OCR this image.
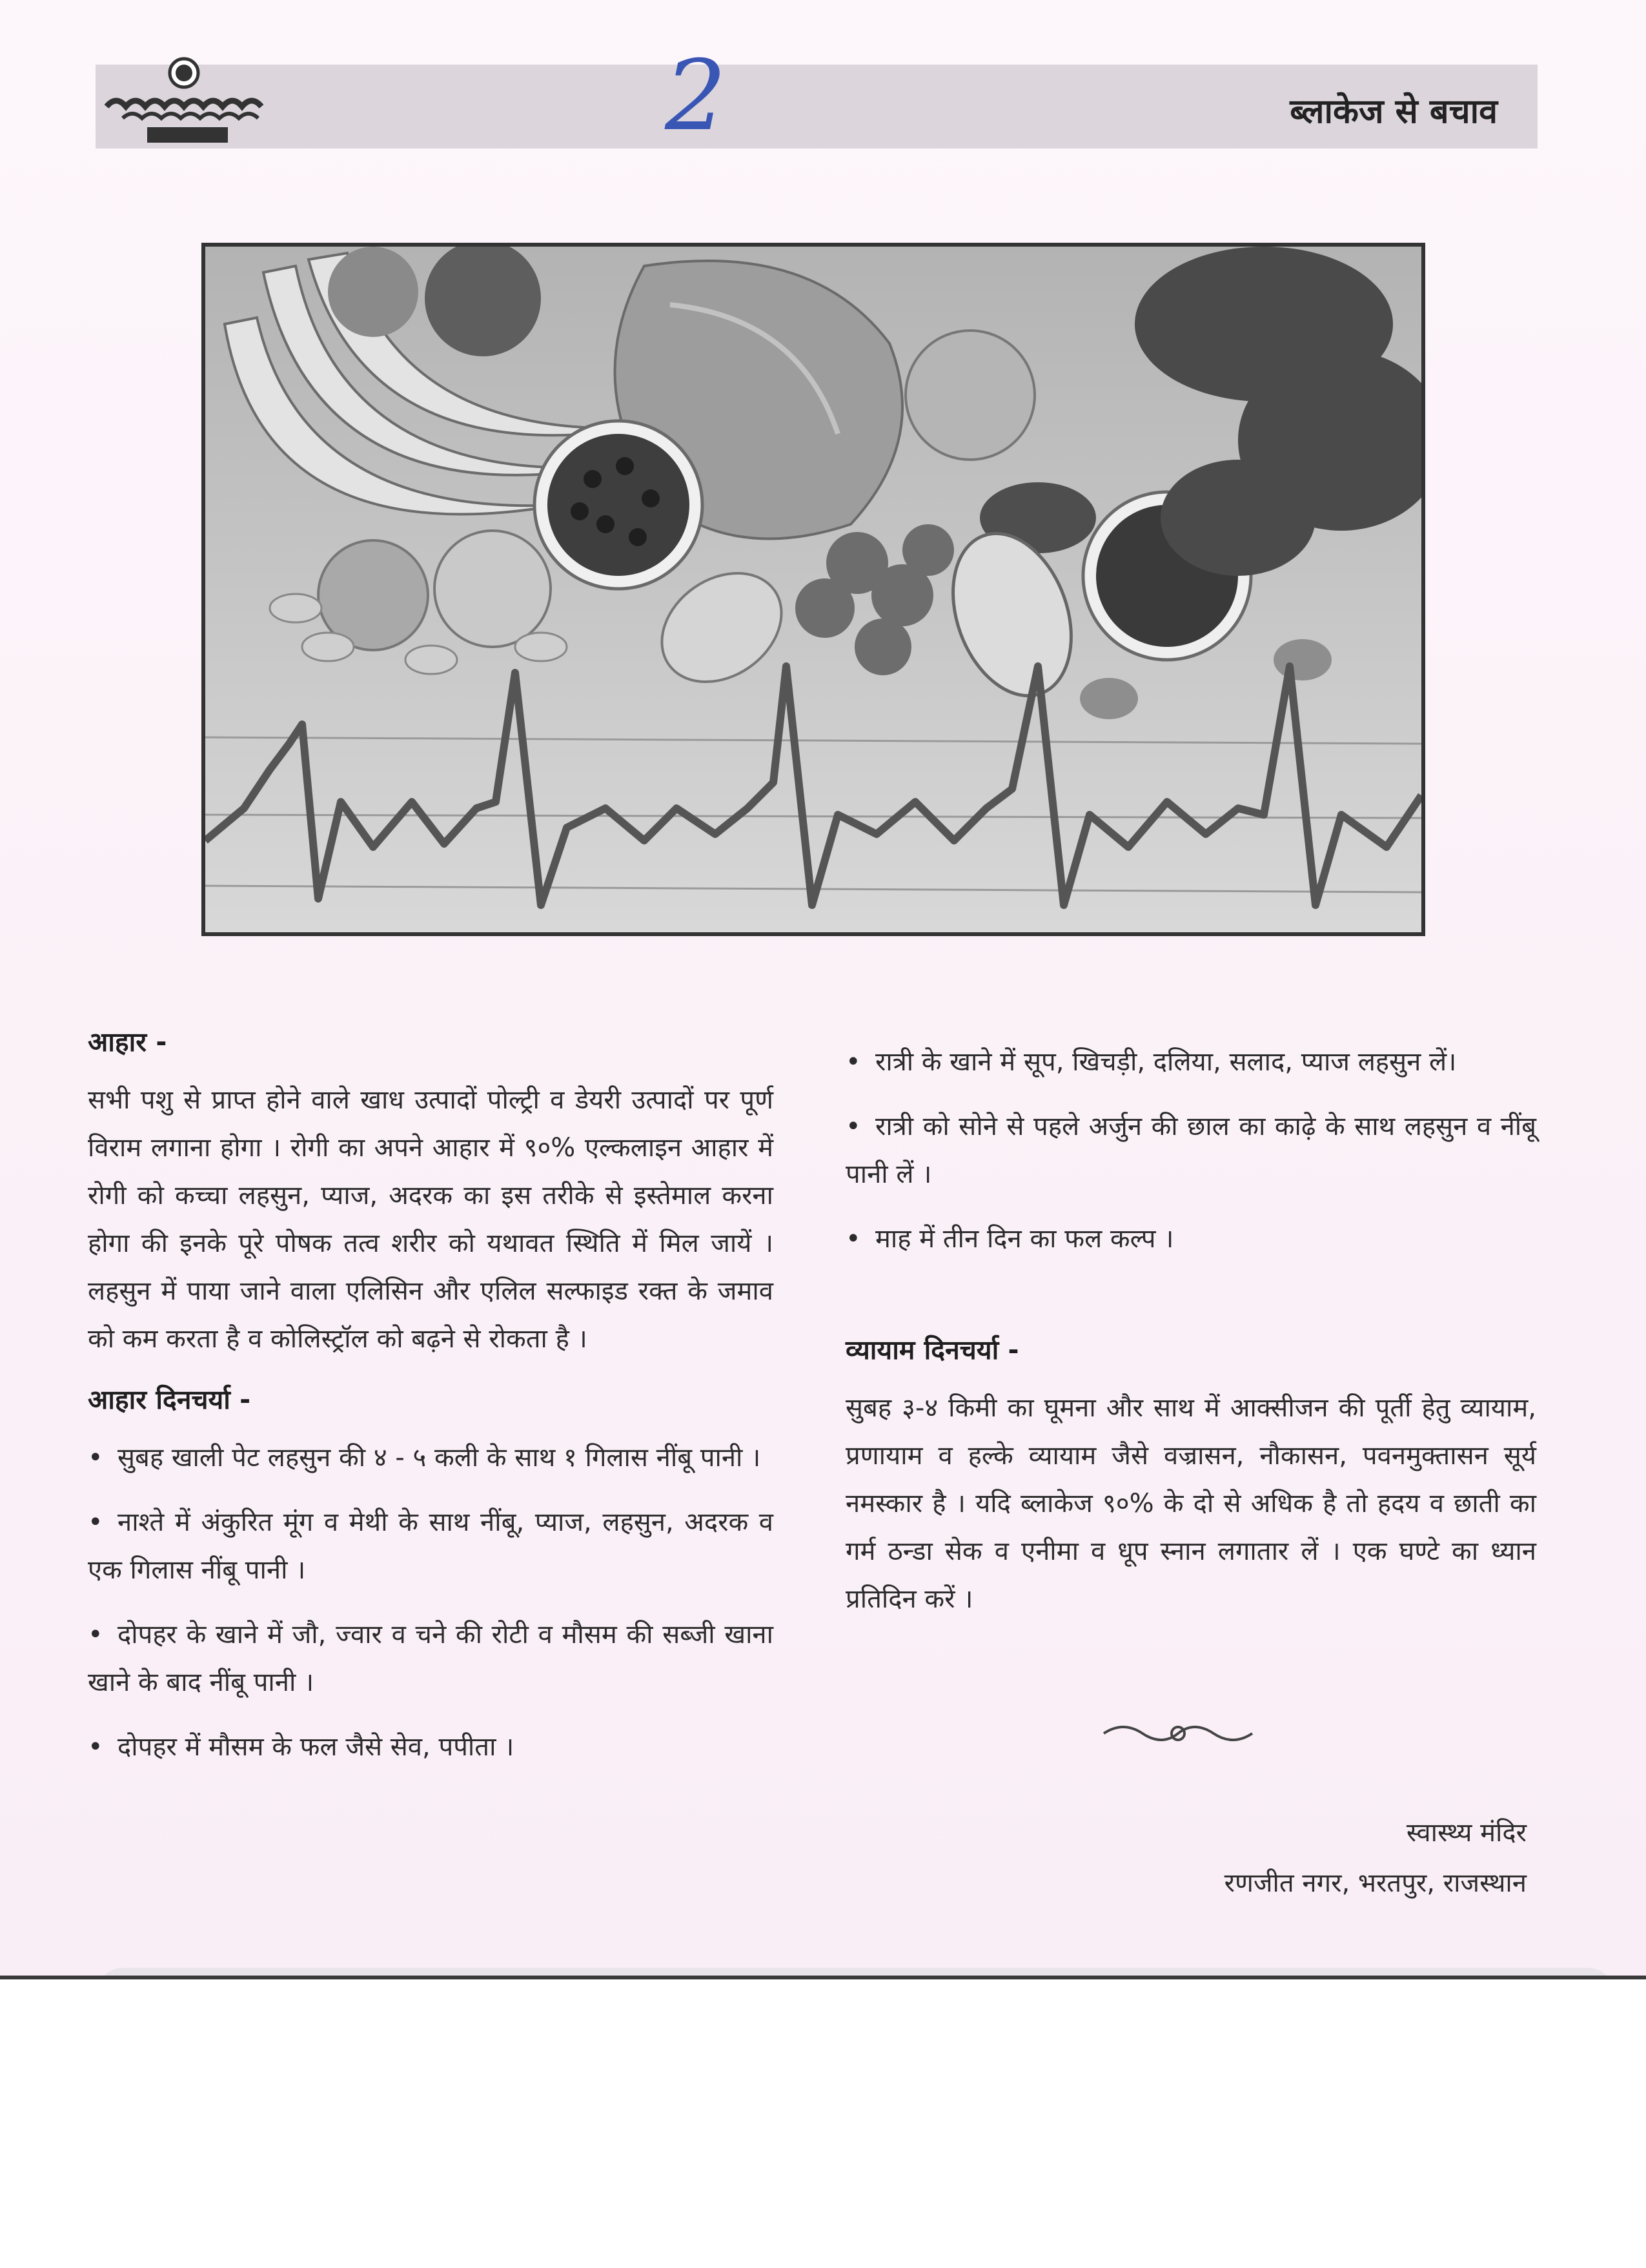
2	ब्लाकेज से बचाव
आहार -

सभी पशु से प्राप्त होने वाले खाध उत्पादों पोल्ट्री व डेयरी उत्पादों पर पूर्ण विराम लगाना होगा । रोगी का अपने आहार में ९०% एल्कलाइन आहार में रोगी को कच्चा लहसुन, प्याज, अदरक का इस तरीके से इस्तेमाल करना होगा की इनके पूरे पोषक तत्व शरीर को यथावत स्थिति में मिल जायें । लहसुन में पाया जाने वाला एलिसिन और एलिल सल्फाइड रक्त के जमाव को कम करता है व कोलिस्ट्रॉल को बढ़ने से रोकता है ।

आहार दिनचर्या -
• सुबह खाली पेट लहसुन की ४ - ५ कली के साथ १ गिलास नींबू पानी ।
• नाश्ते में अंकुरित मूंग व मेथी के साथ नींबू, प्याज, लहसुन, अदरक व एक गिलास नींबू पानी ।
• दोपहर के खाने में जौ, ज्वार व चने की रोटी व मौसम की सब्जी खाना खाने के बाद नींबू पानी ।
• दोपहर में मौसम के फल जैसे सेव, पपीता ।
• रात्री के खाने में सूप, खिचड़ी, दलिया, सलाद, प्याज लहसुन लें।
• रात्री को सोने से पहले अर्जुन की छाल का काढ़े के साथ लहसुन व नींबू पानी लें ।
• माह में तीन दिन का फल कल्प ।
व्यायाम दिनचर्या -

सुबह ३-४ किमी का घूमना और साथ में आक्सीजन की पूर्ती हेतु व्यायाम, प्रणायाम व हल्के व्यायाम जैसे वज्रासन, नौकासन, पवनमुक्तासन सूर्य नमस्कार है । यदि ब्लाकेज ९०% के दो से अधिक है तो हदय व छाती का गर्म ठन्डा सेक व एनीमा व धूप स्नान लगातार लें । एक घण्टे का ध्यान प्रतिदिन करें ।

स्वास्थ्य मंदिर
रणजीत नगर, भरतपुर, राजस्थान
